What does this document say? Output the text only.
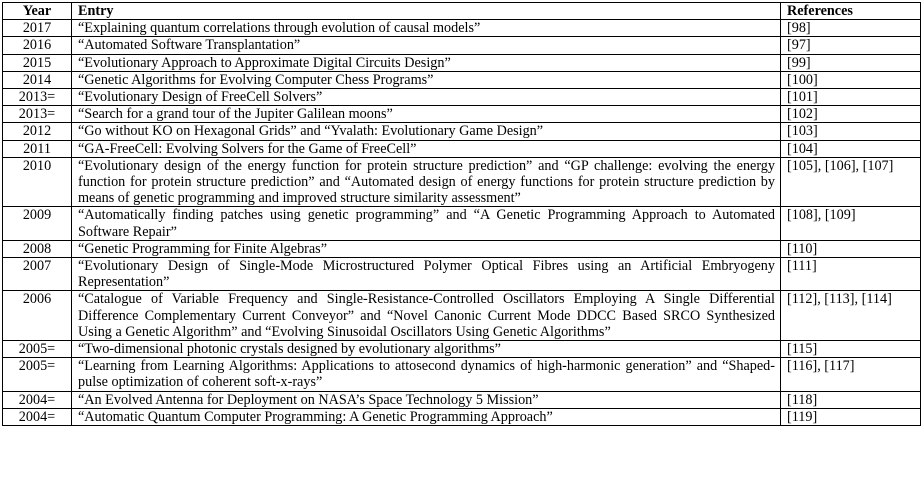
Year	Entry	References
2017	“Explaining quantum correlations through evolution of causal models”	[98]
2016	“Automated Software Transplantation”	[97]
2015	“Evolutionary Approach to Approximate Digital Circuits Design”	[99]
2014	“Genetic Algorithms for Evolving Computer Chess Programs”	[100]
2013=	“Evolutionary Design of FreeCell Solvers”	[101]
2013=	“Search for a grand tour of the Jupiter Galilean moons”	[102]
2012	“Go without KO on Hexagonal Grids” and “Yvalath: Evolutionary Game Design”	[103]
2011	“GA-FreeCell: Evolving Solvers for the Game of FreeCell”	[104]
2010	“Evolutionary design of the energy function for protein structure prediction” and “GP challenge: evolving the energy function for protein structure prediction” and “Automated design of energy functions for protein structure prediction by means of genetic programming and improved structure similarity assessment”	[105], [106], [107]
2009	“Automatically finding patches using genetic programming” and “A Genetic Programming Approach to Automated Software Repair”	[108], [109]
2008	“Genetic Programming for Finite Algebras”	[110]
2007	“Evolutionary Design of Single-Mode Microstructured Polymer Optical Fibres using an Artificial Embryogeny Representation”	[111]
2006	“Catalogue of Variable Frequency and Single-Resistance-Controlled Oscillators Employing A Single Differential Difference Complementary Current Conveyor” and “Novel Canonic Current Mode DDCC Based SRCO Synthesized Using a Genetic Algorithm” and “Evolving Sinusoidal Oscillators Using Genetic Algorithms”	[112], [113], [114]
2005=	“Two-dimensional photonic crystals designed by evolutionary algorithms”	[115]
2005=	“Learning from Learning Algorithms: Applications to attosecond dynamics of high-harmonic generation” and “Shaped-pulse optimization of coherent soft-x-rays”	[116], [117]
2004=	“An Evolved Antenna for Deployment on NASA’s Space Technology 5 Mission”	[118]
2004=	“Automatic Quantum Computer Programming: A Genetic Programming Approach”	[119]
